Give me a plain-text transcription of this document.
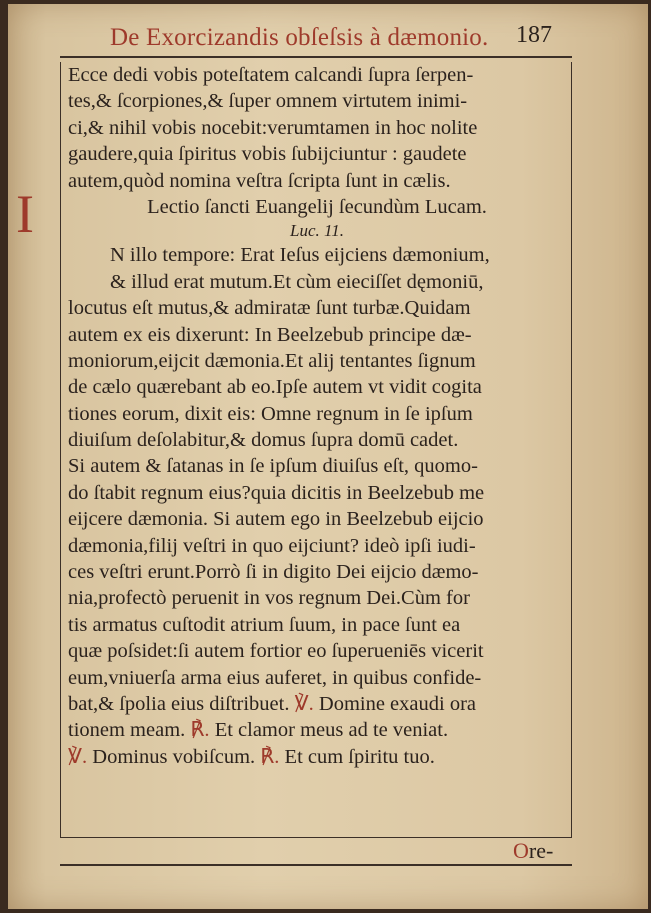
De Exorcizandis obſeſsis à dæmonio. 187
I
Ecce dedi vobis poteſtatem calcandi ſupra ſerpen-
tes,& ſcorpiones,& ſuper omnem virtutem inimi-
ci,& nihil vobis nocebit:verumtamen in hoc nolite
gaudere,quia ſpiritus vobis ſubijciuntur : gaudete
autem,quòd nomina veſtra ſcripta ſunt in cælis.
Lectio ſancti Euangelij ſecundùm Lucam.
Luc. 11.
N illo tempore: Erat Ieſus eijciens dæmonium,
& illud erat mutum.Et cùm eieciſſet dęmoniū,
locutus eſt mutus,& admiratæ ſunt turbæ.Quidam
autem ex eis dixerunt: In Beelzebub principe dæ-
moniorum,eijcit dæmonia.Et alij tentantes ſignum
de cælo quærebant ab eo.Ipſe autem vt vidit cogita
tiones eorum, dixit eis: Omne regnum in ſe ipſum
diuiſum deſolabitur,& domus ſupra domū cadet.
Si autem & ſatanas in ſe ipſum diuiſus eſt, quomo-
do ſtabit regnum eius?quia dicitis in Beelzebub me
eijcere dæmonia. Si autem ego in Beelzebub eijcio
dæmonia,filij veſtri in quo eijciunt? ideò ipſi iudi-
ces veſtri erunt.Porrò ſi in digito Dei eijcio dæmo-
nia,profectò peruenit in vos regnum Dei.Cùm for
tis armatus cuſtodit atrium ſuum, in pace ſunt ea
quæ poſsidet:ſi autem fortior eo ſuperueniēs vicerit
eum,vniuerſa arma eius auferet, in quibus confide-
bat,& ſpolia eius diſtribuet. ℣. Domine exaudi ora
tionem meam. ℟. Et clamor meus ad te veniat.
℣. Dominus vobiſcum. ℟. Et cum ſpiritu tuo.
Ore-
